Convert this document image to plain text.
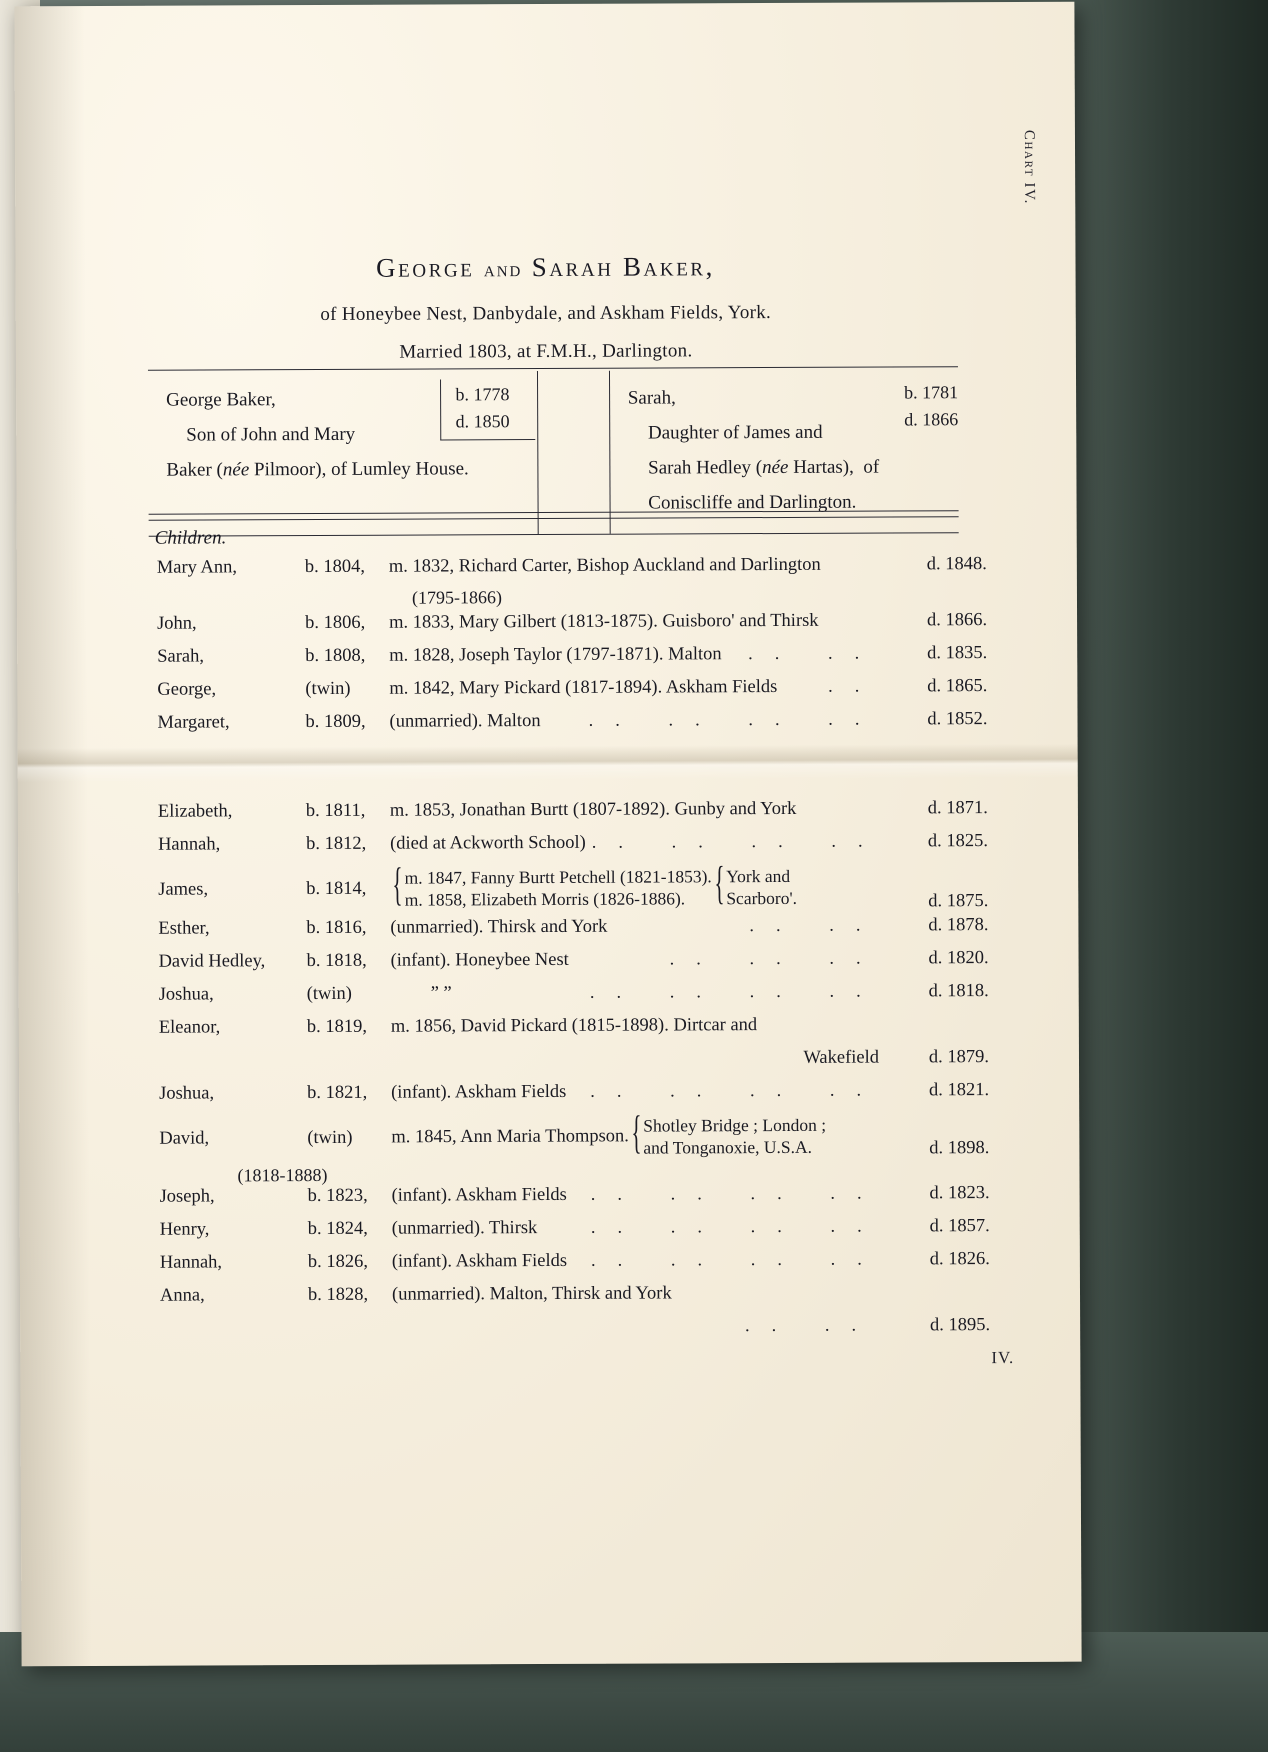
Chart IV.
IV.
George and Sarah Baker,
of Honeybee Nest, Danbydale, and Askham Fields, York.
Married 1803, at F.M.H., Darlington.
George Baker,
Son of John and Mary
Baker (née Pilmoor), of Lumley House.
b. 1778
d. 1850
Sarah,
Daughter of James and
Sarah Hedley (née Hartas),  of
Coniscliffe and Darlington.
b. 1781
d. 1866
Children.
Mary Ann,	b. 1804,	m. 1832, Richard Carter, Bishop Auckland and Darlington	d. 1848.
(1795-1866)
John,	b. 1806,	m. 1833, Mary Gilbert (1813-1875). Guisboro' and Thirsk	d. 1866.
Sarah,	b. 1808,	m. 1828, Joseph Taylor (1797-1871). Malton	.. ..	d. 1835.
George,	(twin)	m. 1842, Mary Pickard (1817-1894). Askham Fields	..	d. 1865.
Margaret,	b. 1809,	(unmarried). Malton	.. .. .. ..	d. 1852.
Elizabeth,	b. 1811,	m. 1853, Jonathan Burtt (1807-1892). Gunby and York	d. 1871.
Hannah,	b. 1812,	(died at Ackworth School) .. .. .. ..	d. 1825.
James,	b. 1814, { m. 1847, Fanny Burtt Petchell (1821-1853).
m. 1858, Elizabeth Morris (1826-1886). { York and
Scarboro'.	d. 1875.
Esther,	b. 1816,	(unmarried). Thirsk and York	.. ..	d. 1878.
David Hedley,	b. 1818,	(infant). Honeybee Nest	.. .. ..	d. 1820.
Joshua,	(twin)	” ”	.. .. .. ..	d. 1818.
Eleanor,	b. 1819,	m. 1856, David Pickard (1815-1898). Dirtcar and
Wakefield	d. 1879.
Joshua,	b. 1821,	(infant). Askham Fields	.. .. .. ..	d. 1821.
David,	(twin)	m. 1845, Ann Maria Thompson.{ Shotley Bridge ; London ;
and Tonganoxie, U.S.A.	d. 1898.
(1818-1888)
Joseph,	b. 1823,	(infant). Askham Fields	.. .. .. ..	d. 1823.
Henry,	b. 1824,	(unmarried). Thirsk	.. .. .. ..	d. 1857.
Hannah,	b. 1826,	(infant). Askham Fields	.. .. .. ..	d. 1826.
Anna,	b. 1828,	(unmarried). Malton, Thirsk and York
.. ..	d. 1895.
